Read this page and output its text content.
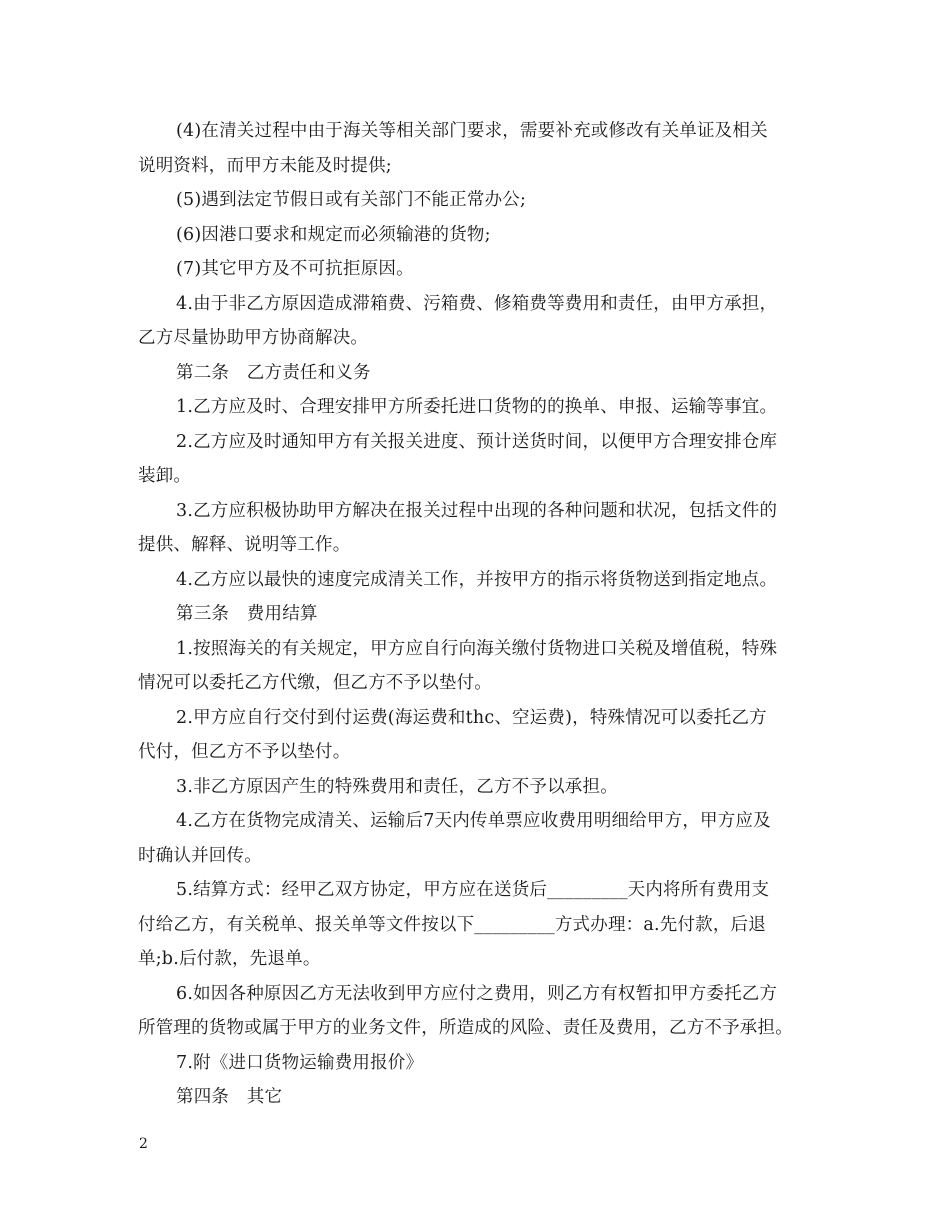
(4)在清关过程中由于海关等相关部门要求，需要补充或修改有关单证及相关
说明资料，而甲方未能及时提供;
(5)遇到法定节假日或有关部门不能正常办公;
(6)因港口要求和规定而必须输港的货物;
(7)其它甲方及不可抗拒原因。
4.由于非乙方原因造成滞箱费、污箱费、修箱费等费用和责任，由甲方承担，
乙方尽量协助甲方协商解决。
第二条　乙方责任和义务
1.乙方应及时、合理安排甲方所委托进口货物的的换单、申报、运输等事宜。
2.乙方应及时通知甲方有关报关进度、预计送货时间，以便甲方合理安排仓库
装卸。
3.乙方应积极协助甲方解决在报关过程中出现的各种问题和状况，包括文件的
提供、解释、说明等工作。
4.乙方应以最快的速度完成清关工作，并按甲方的指示将货物送到指定地点。
第三条　费用结算
1.按照海关的有关规定，甲方应自行向海关缴付货物进口关税及增值税，特殊
情况可以委托乙方代缴，但乙方不予以垫付。
2.甲方应自行交付到付运费(海运费和thc、空运费)，特殊情况可以委托乙方
代付，但乙方不予以垫付。
3.非乙方原因产生的特殊费用和责任，乙方不予以承担。
4.乙方在货物完成清关、运输后7天内传单票应收费用明细给甲方，甲方应及
时确认并回传。
5.结算方式：经甲乙双方协定，甲方应在送货后_________天内将所有费用支
付给乙方，有关税单、报关单等文件按以下_________方式办理：a.先付款，后退
单;b.后付款，先退单。
6.如因各种原因乙方无法收到甲方应付之费用，则乙方有权暂扣甲方委托乙方
所管理的货物或属于甲方的业务文件，所造成的风险、责任及费用，乙方不予承担。
7.附《进口货物运输费用报价》
第四条　其它
2
